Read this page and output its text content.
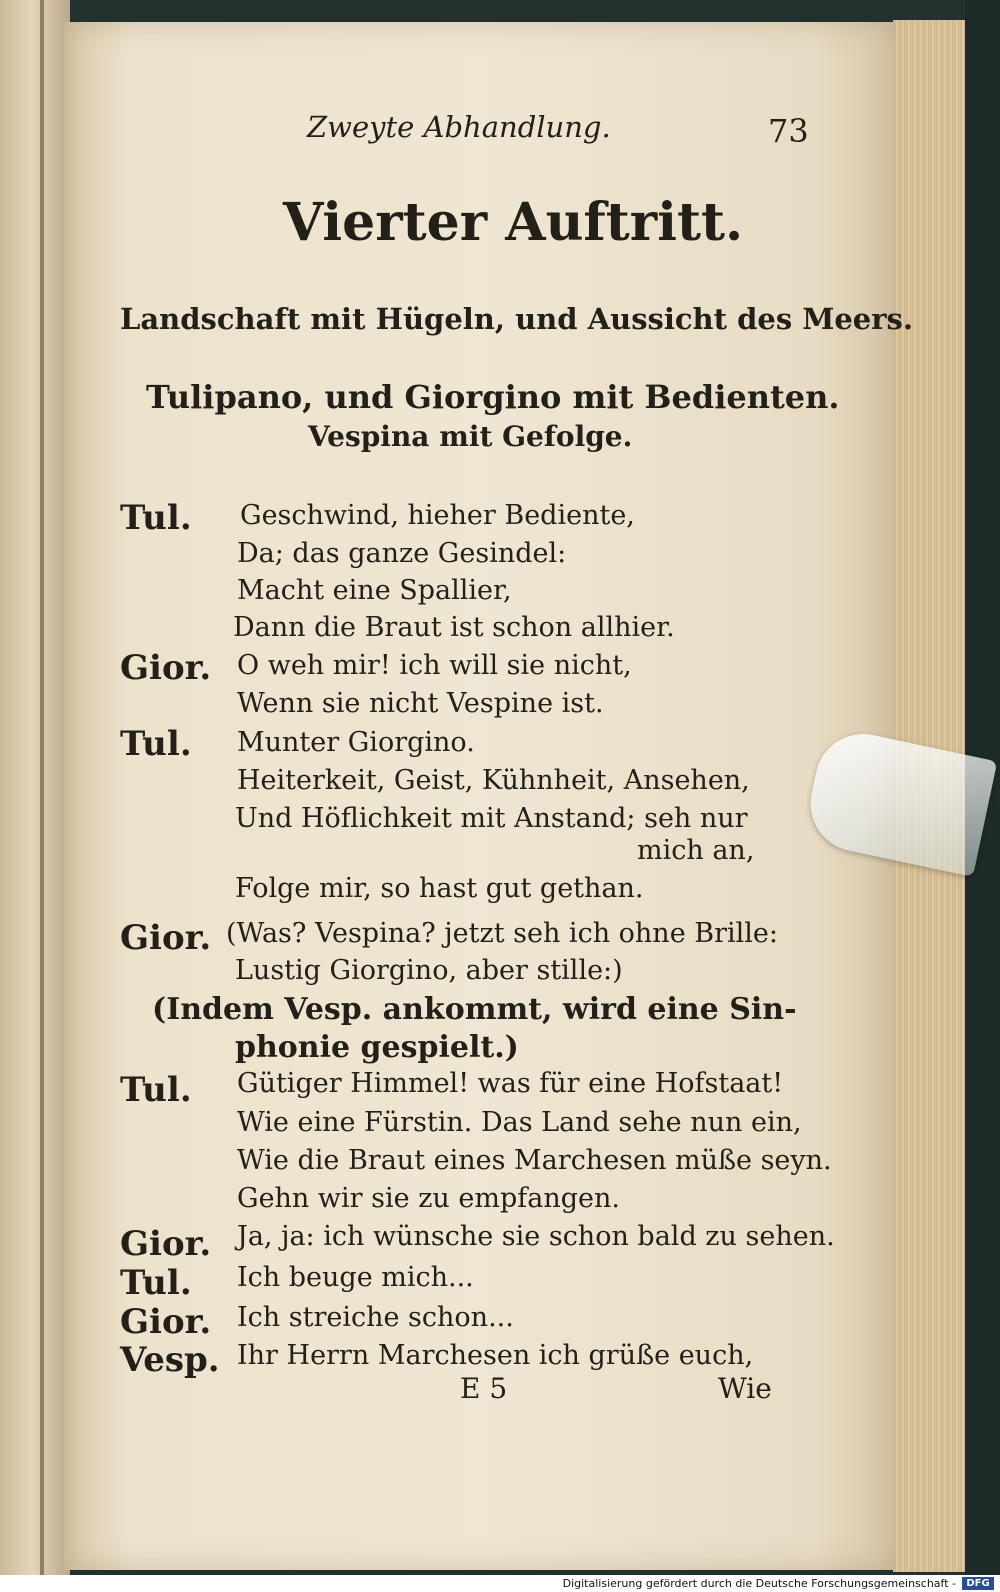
Zweyte Abhandlung.	73
Vierter Auftritt.
Landschaft mit Hügeln, und Aussicht des Meers.
Tulipano, und Giorgino mit Bedienten.
Vespina mit Gefolge.
Tul. Geschwind, hieher Bediente,
Da; das ganze Gesindel:
Macht eine Spallier,
Dann die Braut ist schon allhier.
Gior. O weh mir! ich will sie nicht,
Wenn sie nicht Vespine ist.
Tul. Munter Giorgino.
Heiterkeit, Geist, Kühnheit, Ansehen,
Und Höflichkeit mit Anstand; seh nur
mich an,
Folge mir, so hast gut gethan.
Gior. (Was? Vespina? jetzt seh ich ohne Brille:
Lustig Giorgino, aber stille:)
(Indem Vesp. ankommt, wird eine Sin-
phonie gespielt.)
Tul. Gütiger Himmel! was für eine Hofstaat!
Wie eine Fürstin. Das Land sehe nun ein,
Wie die Braut eines Marchesen müße seyn.
Gehn wir sie zu empfangen.
Gior. Ja, ja: ich wünsche sie schon bald zu sehen.
Tul. Ich beuge mich...
Gior. Ich streiche schon...
Vesp. Ihr Herrn Marchesen ich grüße euch,
E 5	Wie
Digitalisierung gefördert durch die Deutsche Forschungsgemeinschaft -	DFG
